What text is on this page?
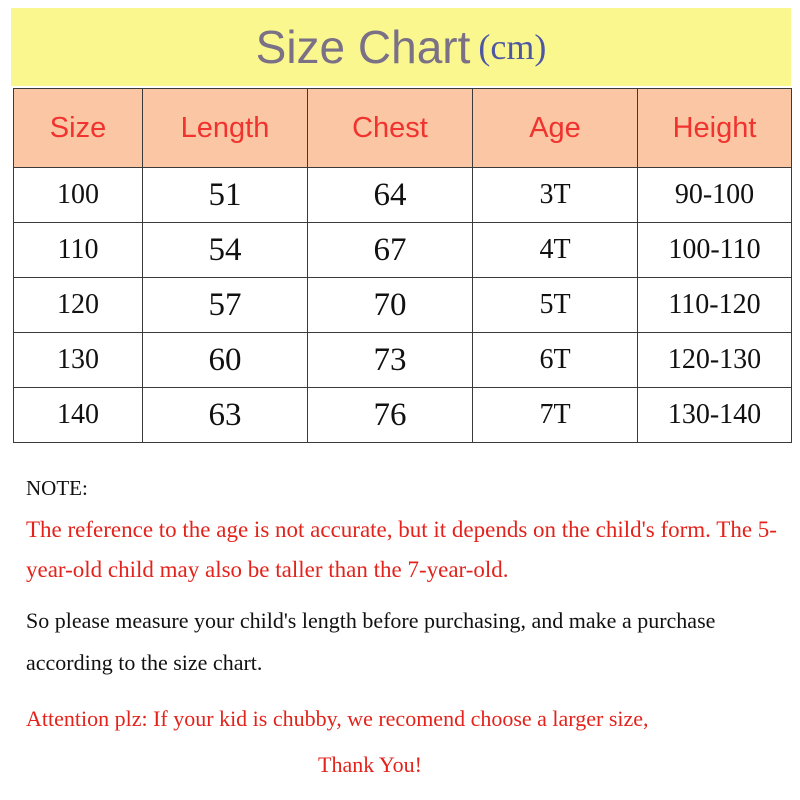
Size Chart (cm)
Size	Length	Chest	Age	Height
100	51	64	3T	90-100
110	54	67	4T	100-110
120	57	70	5T	110-120
130	60	73	6T	120-130
140	63	76	7T	130-140
NOTE:
The reference to the age is not accurate, but it depends on the child's form. The 5-year-old child may also be taller than the 7-year-old.
So please measure your child's length before purchasing, and make a purchase according to the size chart.
Attention plz: If your kid is chubby, we recomend choose a larger size,
Thank You!
